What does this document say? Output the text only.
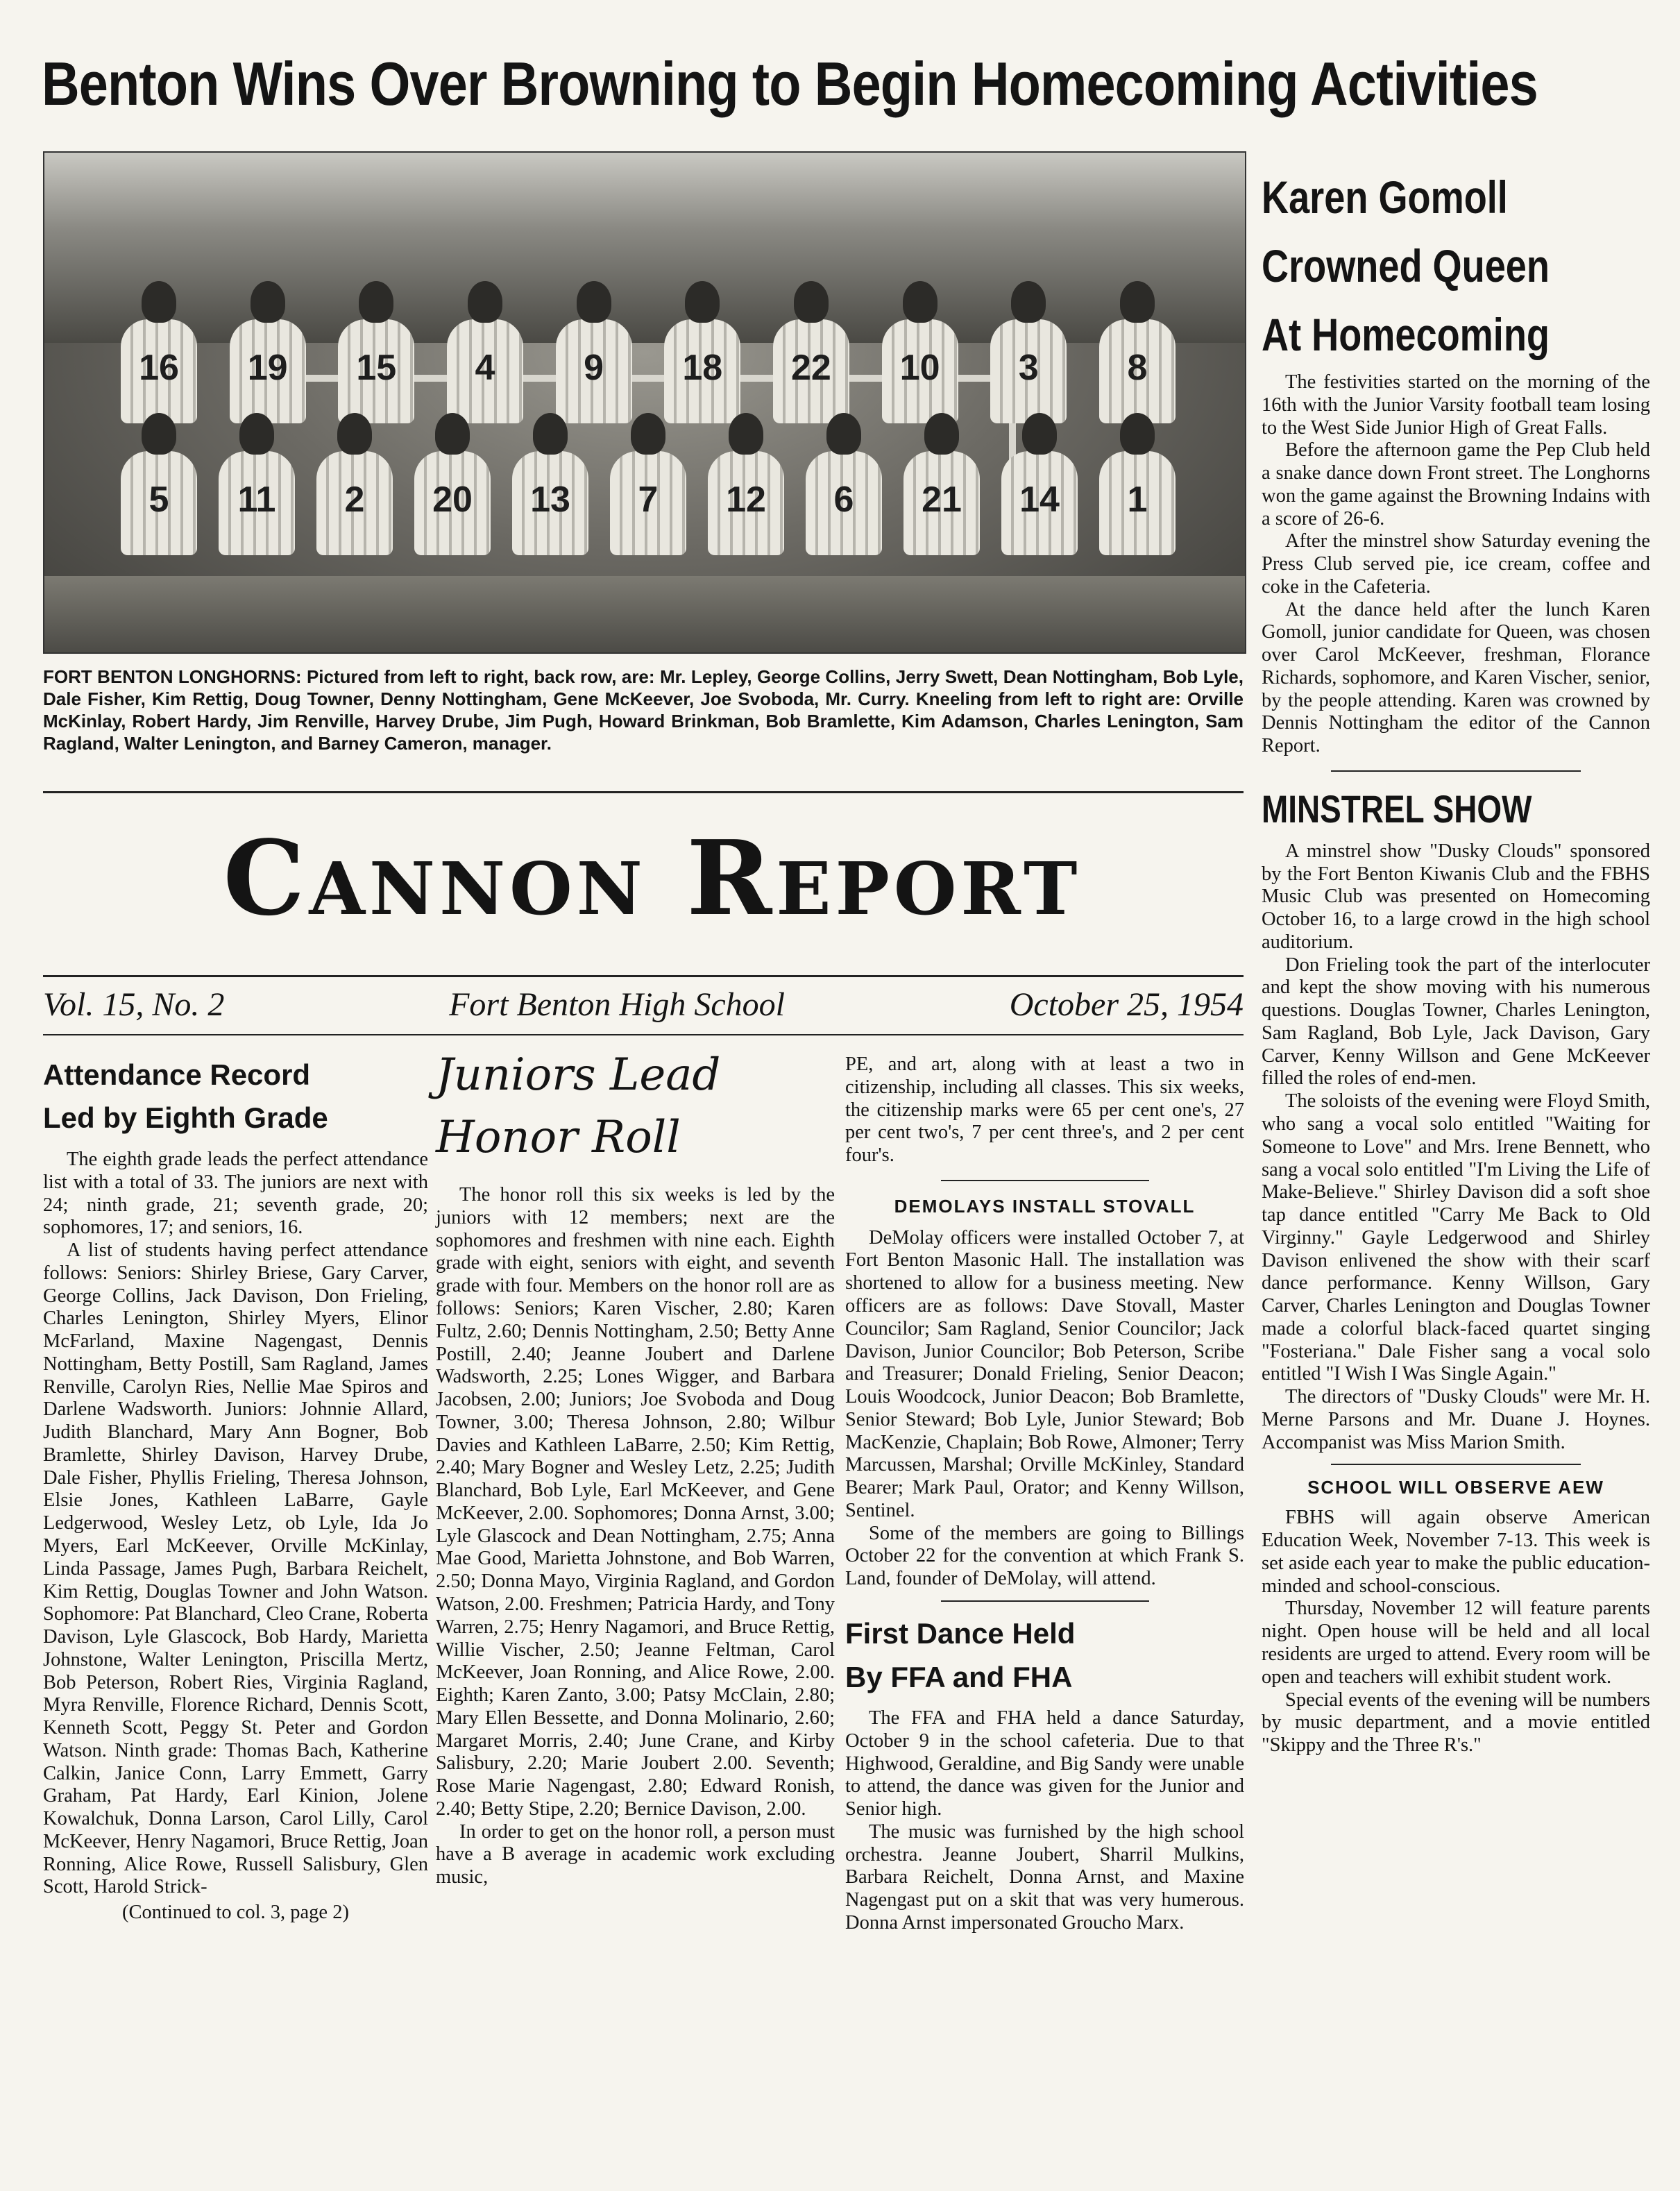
Benton Wins Over Browning to Begin Homecoming Activities
16	19	15	4	9	18	22	10	3	8
5	11	2	20	13	7	12	6	21	14	1
FORT BENTON LONGHORNS: Pictured from left to right, back row, are: Mr. Lepley, George Collins, Jerry Swett, Dean Nottingham, Bob Lyle, Dale Fisher, Kim Rettig, Doug Towner, Denny Nottingham, Gene McKeever, Joe Svoboda, Mr. Curry. Kneeling from left to right are: Orville McKinlay, Robert Hardy, Jim Renville, Harvey Drube, Jim Pugh, Howard Brinkman, Bob Bramlette, Kim Adamson, Charles Lenington, Sam Ragland, Walter Lenington, and Barney Cameron, manager.
Cannon Report
Vol. 15, No. 2	Fort Benton High School	October 25, 1954
Attendance Record
Led by Eighth Grade

The eighth grade leads the perfect attendance list with a total of 33. The juniors are next with 24; ninth grade, 21; seventh grade, 20; sophomores, 17; and seniors, 16.

A list of students having perfect attendance follows: Seniors: Shirley Briese, Gary Carver, George Collins, Jack Davison, Don Frieling, Charles Lenington, Shirley Myers, Elinor McFarland, Maxine Nagengast, Dennis Nottingham, Betty Postill, Sam Ragland, James Renville, Carolyn Ries, Nellie Mae Spiros and Darlene Wadsworth. Juniors: Johnnie Allard, Judith Blanchard, Mary Ann Bogner, Bob Bramlette, Shirley Davison, Harvey Drube, Dale Fisher, Phyllis Frieling, Theresa Johnson, Elsie Jones, Kathleen LaBarre, Gayle Ledgerwood, Wesley Letz, ob Lyle, Ida Jo Myers, Earl McKeever, Orville McKinlay, Linda Passage, James Pugh, Barbara Reichelt, Kim Rettig, Douglas Towner and John Watson. Sophomore: Pat Blanchard, Cleo Crane, Roberta Davison, Lyle Glascock, Bob Hardy, Marietta Johnstone, Walter Lenington, Priscilla Mertz, Bob Peterson, Robert Ries, Virginia Ragland, Myra Renville, Florence Richard, Dennis Scott, Kenneth Scott, Peggy St. Peter and Gordon Watson. Ninth grade: Thomas Bach, Katherine Calkin, Janice Conn, Larry Emmett, Garry Graham, Pat Hardy, Earl Kinion, Jolene Kowalchuk, Donna Larson, Carol Lilly, Carol McKeever, Henry Nagamori, Bruce Rettig, Joan Ronning, Alice Rowe, Russell Salisbury, Glen Scott, Harold Strick-

(Continued to col. 3, page 2)
Juniors Lead
Honor Roll

The honor roll this six weeks is led by the juniors with 12 members; next are the sophomores and freshmen with nine each. Eighth grade with eight, seniors with eight, and seventh grade with four. Members on the honor roll are as follows: Seniors; Karen Vischer, 2.80; Karen Fultz, 2.60; Dennis Nottingham, 2.50; Betty Anne Postill, 2.40; Jeanne Joubert and Darlene Wadsworth, 2.25; Lones Wigger, and Barbara Jacobsen, 2.00; Juniors; Joe Svoboda and Doug Towner, 3.00; Theresa Johnson, 2.80; Wilbur Davies and Kathleen LaBarre, 2.50; Kim Rettig, 2.40; Mary Bogner and Wesley Letz, 2.25; Judith Blanchard, Bob Lyle, Earl McKeever, and Gene McKeever, 2.00. Sophomores; Donna Arnst, 3.00; Lyle Glascock and Dean Nottingham, 2.75; Anna Mae Good, Marietta Johnstone, and Bob Warren, 2.50; Donna Mayo, Virginia Ragland, and Gordon Watson, 2.00. Freshmen; Patricia Hardy, and Tony Warren, 2.75; Henry Nagamori, and Bruce Rettig, Willie Vischer, 2.50; Jeanne Feltman, Carol McKeever, Joan Ronning, and Alice Rowe, 2.00. Eighth; Karen Zanto, 3.00; Patsy McClain, 2.80; Mary Ellen Bessette, and Donna Molinario, 2.60; Margaret Morris, 2.40; June Crane, and Kirby Salisbury, 2.20; Marie Joubert 2.00. Seventh; Rose Marie Nagengast, 2.80; Edward Ronish, 2.40; Betty Stipe, 2.20; Bernice Davison, 2.00.

In order to get on the honor roll, a person must have a B average in academic work excluding music,

PE, and art, along with at least a two in citizenship, including all classes. This six weeks, the citizenship marks were 65 per cent one's, 27 per cent two's, 7 per cent three's, and 2 per cent four's.

DEMOLAYS INSTALL STOVALL

DeMolay officers were installed October 7, at Fort Benton Masonic Hall. The installation was shortened to allow for a business meeting. New officers are as follows: Dave Stovall, Master Councilor; Sam Ragland, Senior Councilor; Jack Davison, Junior Councilor; Bob Peterson, Scribe and Treasurer; Donald Frieling, Senior Deacon; Louis Woodcock, Junior Deacon; Bob Bramlette, Senior Steward; Bob Lyle, Junior Steward; Bob MacKenzie, Chaplain; Bob Rowe, Almoner; Terry Marcussen, Marshal; Orville McKinley, Standard Bearer; Mark Paul, Orator; and Kenny Willson, Sentinel.

Some of the members are going to Billings October 22 for the convention at which Frank S. Land, founder of DeMolay, will attend.

First Dance Held
By FFA and FHA

The FFA and FHA held a dance Saturday, October 9 in the school cafeteria. Due to that Highwood, Geraldine, and Big Sandy were unable to attend, the dance was given for the Junior and Senior high.

The music was furnished by the high school orchestra. Jeanne Joubert, Sharril Mulkins, Barbara Reichelt, Donna Arnst, and Maxine Nagengast put on a skit that was very humerous. Donna Arnst impersonated Groucho Marx.

Karen Gomoll
Crowned Queen
At Homecoming

The festivities started on the morning of the 16th with the Junior Varsity football team losing to the West Side Junior High of Great Falls.

Before the afternoon game the Pep Club held a snake dance down Front street. The Longhorns won the game against the Browning Indains with a score of 26-6.

After the minstrel show Saturday evening the Press Club served pie, ice cream, coffee and coke in the Cafeteria.

At the dance held after the lunch Karen Gomoll, junior candidate for Queen, was chosen over Carol McKeever, freshman, Florance Richards, sophomore, and Karen Vischer, senior, by the people attending. Karen was crowned by Dennis Nottingham the editor of the Cannon Report.

MINSTREL SHOW

A minstrel show "Dusky Clouds" sponsored by the Fort Benton Kiwanis Club and the FBHS Music Club was presented on Homecoming October 16, to a large crowd in the high school auditorium.

Don Frieling took the part of the interlocuter and kept the show moving with his numerous questions. Douglas Towner, Charles Lenington, Sam Ragland, Bob Lyle, Jack Davison, Gary Carver, Kenny Willson and Gene McKeever filled the roles of end-men.

The soloists of the evening were Floyd Smith, who sang a vocal solo entitled "Waiting for Someone to Love" and Mrs. Irene Bennett, who sang a vocal solo entitled "I'm Living the Life of Make-Believe." Shirley Davison did a soft shoe tap dance entitled "Carry Me Back to Old Virginny." Gayle Ledgerwood and Shirley Davison enlivened the show with their scarf dance performance. Kenny Willson, Gary Carver, Charles Lenington and Douglas Towner made a colorful black-faced quartet singing "Fosteriana." Dale Fisher sang a vocal solo entitled "I Wish I Was Single Again."

The directors of "Dusky Clouds" were Mr. H. Merne Parsons and Mr. Duane J. Hoynes. Accompanist was Miss Marion Smith.

SCHOOL WILL OBSERVE AEW

FBHS will again observe American Education Week, November 7-13. This week is set aside each year to make the public education-minded and school-conscious.

Thursday, November 12 will feature parents night. Open house will be held and all local residents are urged to attend. Every room will be open and teachers will exhibit student work.

Special events of the evening will be numbers by music department, and a movie entitled "Skippy and the Three R's."
